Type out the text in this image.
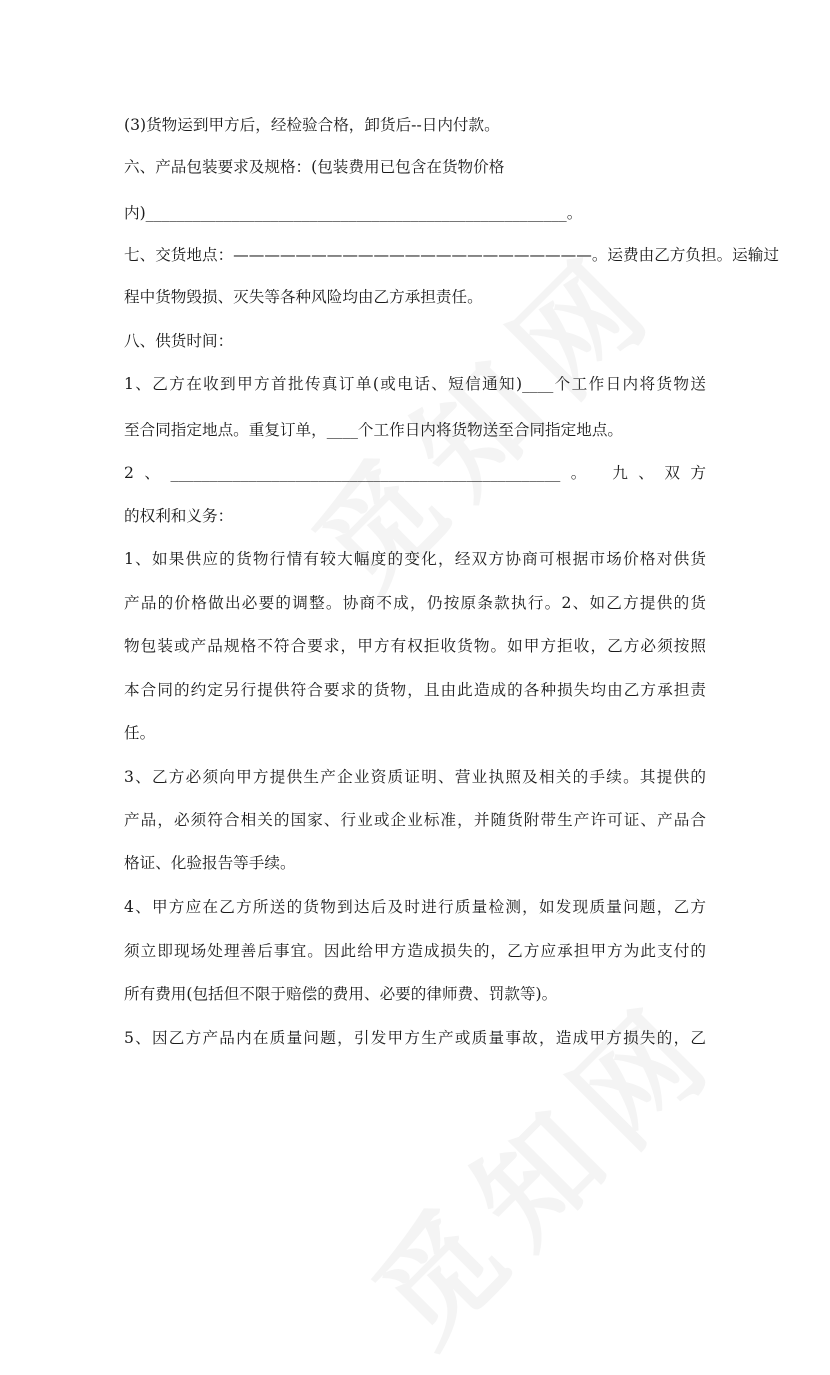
(3)货物运到甲方后，经检验合格，卸货后--日内付款。
六、产品包装要求及规格：(包装费用已包含在货物价格
内)______________________________________________________。
七、交货地点：———————————————————————。运费由乙方负担。运输过
程中货物毁损、灭失等各种风险均由乙方承担责任。
八、供货时间：
1、乙方在收到甲方首批传真订单(或电话、短信通知)____个工作日内将货物送
至合同指定地点。重复订单，____个工作日内将货物送至合同指定地点。
2、__________________________________________________。 九、双方
的权利和义务：
1、如果供应的货物行情有较大幅度的变化，经双方协商可根据市场价格对供货
产品的价格做出必要的调整。协商不成，仍按原条款执行。2、如乙方提供的货
物包装或产品规格不符合要求，甲方有权拒收货物。如甲方拒收，乙方必须按照
本合同的约定另行提供符合要求的货物，且由此造成的各种损失均由乙方承担责
任。
3、乙方必须向甲方提供生产企业资质证明、营业执照及相关的手续。其提供的
产品，必须符合相关的国家、行业或企业标准，并随货附带生产许可证、产品合
格证、化验报告等手续。
4、甲方应在乙方所送的货物到达后及时进行质量检测，如发现质量问题，乙方
须立即现场处理善后事宜。因此给甲方造成损失的，乙方应承担甲方为此支付的
所有费用(包括但不限于赔偿的费用、必要的律师费、罚款等)。
5、因乙方产品内在质量问题，引发甲方生产或质量事故，造成甲方损失的，乙
